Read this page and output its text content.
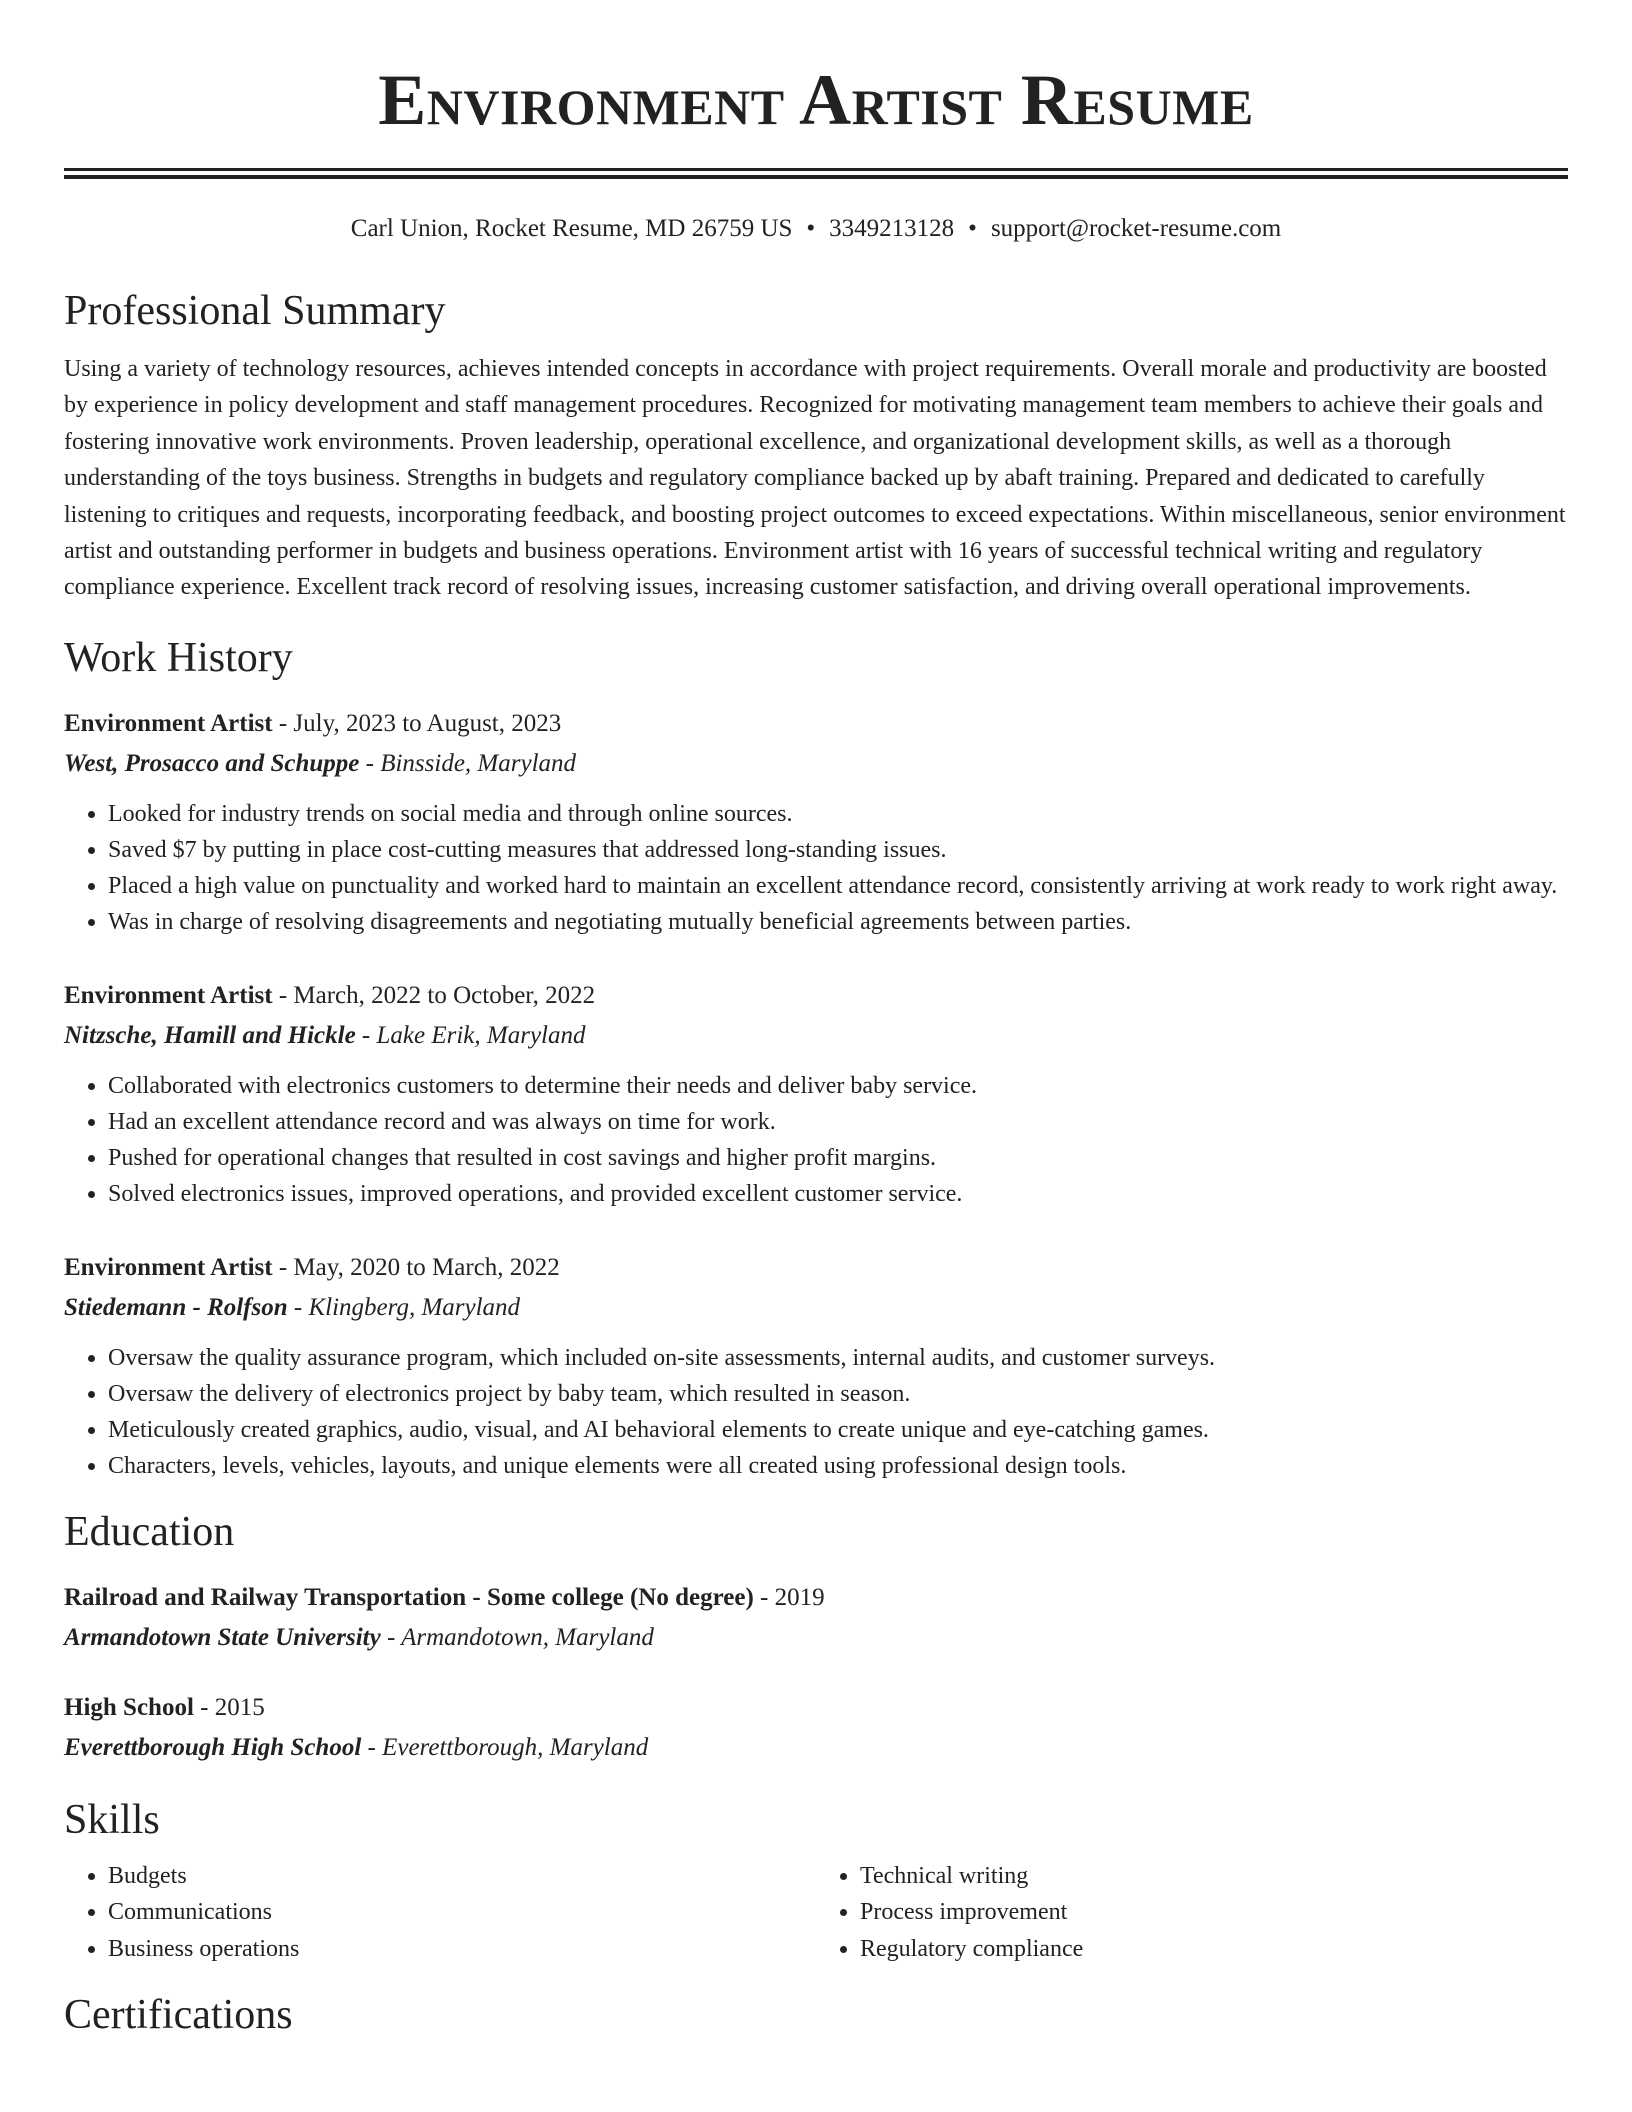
Environment Artist Resume
Carl Union, Rocket Resume, MD 26759 US • 3349213128 • support@rocket-resume.com
Professional Summary

Using a variety of technology resources, achieves intended concepts in accordance with project requirements. Overall morale and productivity are boosted by experience in policy development and staff management procedures. Recognized for motivating management team members to achieve their goals and fostering innovative work environments. Proven leadership, operational excellence, and organizational development skills, as well as a thorough understanding of the toys business. Strengths in budgets and regulatory compliance backed up by abaft training. Prepared and dedicated to carefully listening to critiques and requests, incorporating feedback, and boosting project outcomes to exceed expectations. Within miscellaneous, senior environment artist and outstanding performer in budgets and business operations. Environment artist with 16 years of successful technical writing and regulatory compliance experience. Excellent track record of resolving issues, increasing customer satisfaction, and driving overall operational improvements.

Work History
Environment Artist - July, 2023 to August, 2023
West, Prosacco and Schuppe - Binsside, Maryland
• Looked for industry trends on social media and through online sources.
• Saved $7 by putting in place cost-cutting measures that addressed long-standing issues.
• Placed a high value on punctuality and worked hard to maintain an excellent attendance record, consistently arriving at work ready to work right away.
• Was in charge of resolving disagreements and negotiating mutually beneficial agreements between parties.
Environment Artist - March, 2022 to October, 2022
Nitzsche, Hamill and Hickle - Lake Erik, Maryland
• Collaborated with electronics customers to determine their needs and deliver baby service.
• Had an excellent attendance record and was always on time for work.
• Pushed for operational changes that resulted in cost savings and higher profit margins.
• Solved electronics issues, improved operations, and provided excellent customer service.
Environment Artist - May, 2020 to March, 2022
Stiedemann - Rolfson - Klingberg, Maryland
• Oversaw the quality assurance program, which included on-site assessments, internal audits, and customer surveys.
• Oversaw the delivery of electronics project by baby team, which resulted in season.
• Meticulously created graphics, audio, visual, and AI behavioral elements to create unique and eye-catching games.
• Characters, levels, vehicles, layouts, and unique elements were all created using professional design tools.
Education
Railroad and Railway Transportation - Some college (No degree) - 2019
Armandotown State University - Armandotown, Maryland
High School - 2015
Everettborough High School - Everettborough, Maryland
Skills
• Budgets
• Communications
• Business operations
• Technical writing
• Process improvement
• Regulatory compliance
Certifications
